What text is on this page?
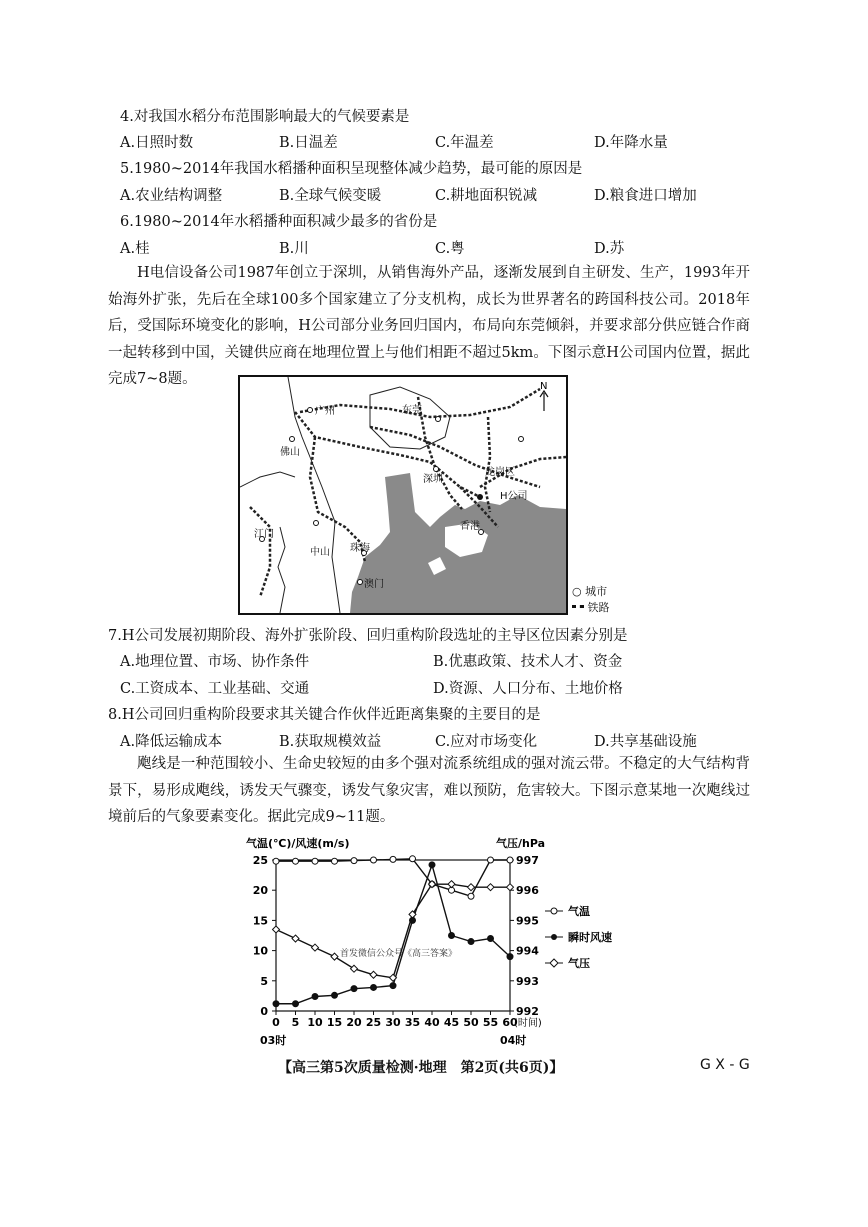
4.对我国水稻分布范围影响最大的气候要素是
A.日照时数	B.日温差	C.年温差	D.年降水量
5.1980~2014年我国水稻播种面积呈现整体减少趋势，最可能的原因是
A.农业结构调整	B.全球气候变暖	C.耕地面积锐减	D.粮食进口增加
6.1980~2014年水稻播种面积减少最多的省份是
A.桂	B.川	C.粤	D.苏
H电信设备公司1987年创立于深圳，从销售海外产品，逐渐发展到自主研发、生产，1993年开始海外扩张，先后在全球100多个国家建立了分支机构，成长为世界著名的跨国科技公司。2018年后，受国际环境变化的影响，H公司部分业务回归国内，布局向东莞倾斜，并要求部分供应链合作商一起转移到中国，关键供应商在地理位置上与他们相距不超过5km。下图示意H公司国内位置，据此完成7~8题。	N
广州	东莞
佛山
深圳
龙岗区
H公司
中山
江门
珠海
香港
澳门
○ 城市
铁路
7.H公司发展初期阶段、海外扩张阶段、回归重构阶段选址的主导区位因素分别是
A.地理位置、市场、协作条件	B.优惠政策、技术人才、资金
C.工资成本、工业基础、交通	D.资源、人口分布、土地价格
8.H公司回归重构阶段要求其关键合作伙伴近距离集聚的主要目的是
A.降低运输成本	B.获取规模效益	C.应对市场变化	D.共享基础设施
飑线是一种范围较小、生命史较短的由多个强对流系统组成的强对流云带。不稳定的大气结构背景下，易形成飑线，诱发天气骤变，诱发气象灾害，难以预防，危害较大。下图示意某地一次飑线过境前后的气象要素变化。据此完成9~11题。
气温(℃)/风速(m/s)	气压/hPa
0
5
10
15
20
25
992
993
994
995
996
997
0 5 10 15 20 25 30 35 40 45 50 55 60
首发微信公众号《高三答案》
(时间)
03时	04时
气温
瞬时风速
气压
【高三第5次质量检测·地理　第2页(共6页)】	G X - G
